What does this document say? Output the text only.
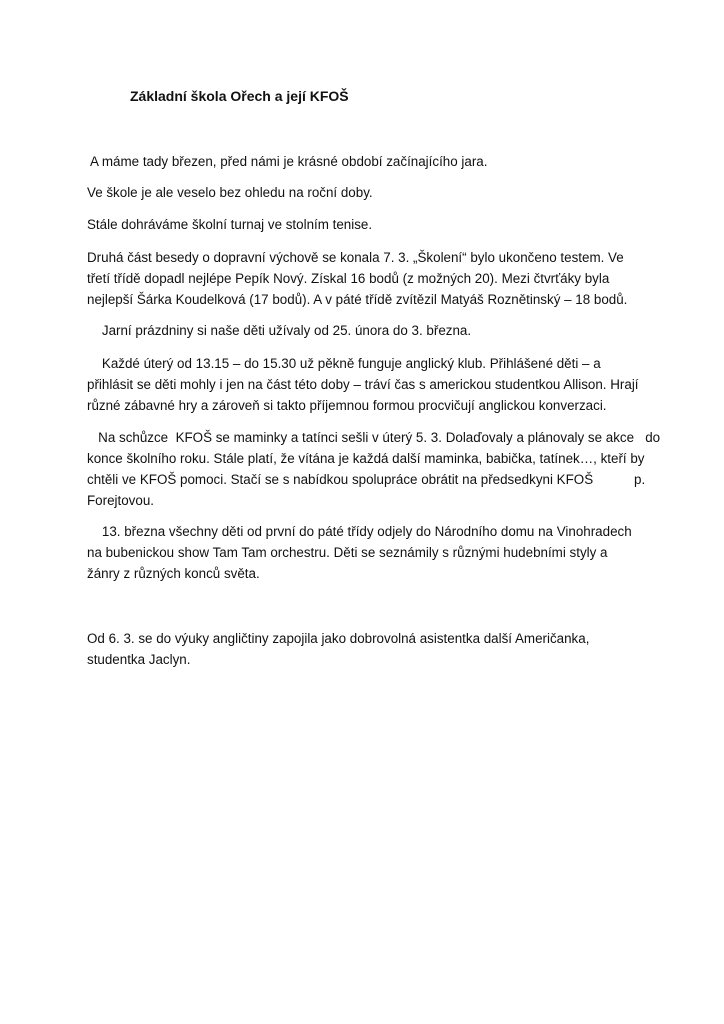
Základní škola Ořech a její KFOŠ
A máme tady březen, před námi je krásné období začínajícího jara.
Ve škole je ale veselo bez ohledu na roční doby.
Stále dohráváme školní turnaj ve stolním tenise.
Druhá část besedy o dopravní výchově se konala 7. 3. „Školení“ bylo ukončeno testem. Ve
třetí třídě dopadl nejlépe Pepík Nový. Získal 16 bodů (z možných 20). Mezi čtvrťáky byla
nejlepší Šárka Koudelková (17 bodů). A v páté třídě zvítězil Matyáš Roznětinský – 18 bodů.
Jarní prázdniny si naše děti užívaly od 25. února do 3. března.
Každé úterý od 13.15 – do 15.30 už pěkně funguje anglický klub. Přihlášené děti – a
přihlásit se děti mohly i jen na část této doby – tráví čas s americkou studentkou Allison. Hrají
různé zábavné hry a zároveň si takto příjemnou formou procvičují anglickou konverzaci.
Na schůzce  KFOŠ se maminky a tatínci sešli v úterý 5. 3. Dolaďovaly a plánovaly se akce   do
konce školního roku. Stále platí, že vítána je každá další maminka, babička, tatínek…, kteří by
chtěli ve KFOŠ pomoci. Stačí se s nabídkou spolupráce obrátit na předsedkyni KFOŠ           p.
Forejtovou.
13. března všechny děti od první do páté třídy odjely do Národního domu na Vinohradech
na bubenickou show Tam Tam orchestru. Děti se seznámily s různými hudebními styly a
žánry z různých konců světa.
Od 6. 3. se do výuky angličtiny zapojila jako dobrovolná asistentka další Američanka,
studentka Jaclyn.
